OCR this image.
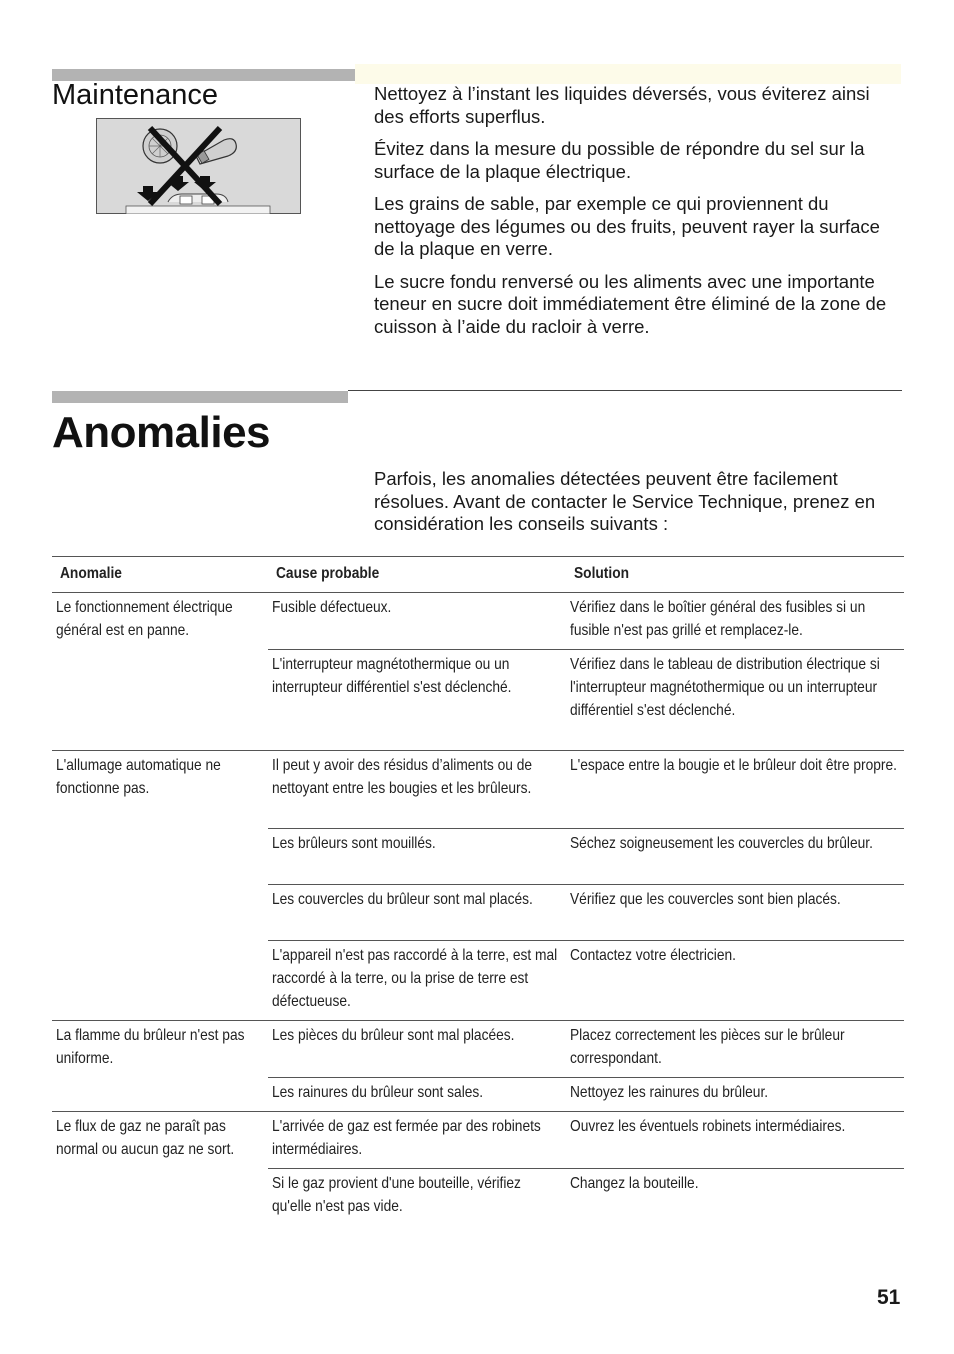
Maintenance	Nettoyez à l’instant les liquides déversés, vous éviterez ainsi des efforts superflus.

Évitez dans la mesure du possible de répondre du sel sur la surface de la plaque électrique.

Les grains de sable, par exemple ce qui proviennent du nettoyage des légumes ou des fruits, peuvent rayer la surface de la plaque en verre.

Le sucre fondu renversé ou les aliments avec une importante teneur en sucre doit immédiatement être éliminé de la zone de cuisson à l’aide du racloir à verre.

Anomalies

Parfois, les anomalies détectées peuvent être facilement résolues. Avant de contacter le Service Technique, prenez en considération les conseils suivants :

Anomalie	Cause probable	Solution
Le fonctionnement électrique général est en panne.	Fusible défectueux.	Vérifiez dans le boîtier général des fusibles si un fusible n'est pas grillé et remplacez-le.
	L'interrupteur magnétothermique ou un interrupteur différentiel s'est déclenché.	Vérifiez dans le tableau de distribution électrique si l'interrupteur magnétothermique ou un interrupteur différentiel s'est déclenché.
L'allumage automatique ne fonctionne pas.	Il peut y avoir des résidus d’aliments ou de nettoyant entre les bougies et les brûleurs.	L'espace entre la bougie et le brûleur doit être propre.
	Les brûleurs sont mouillés.	Séchez soigneusement les couvercles du brûleur.
	Les couvercles du brûleur sont mal placés.	Vérifiez que les couvercles sont bien placés.
	L'appareil n'est pas raccordé à la terre, est mal raccordé à la terre, ou la prise de terre est défectueuse.	Contactez votre électricien.
La flamme du brûleur n'est pas uniforme.	Les pièces du brûleur sont mal placées.	Placez correctement les pièces sur le brûleur correspondant.
	Les rainures du brûleur sont sales.	Nettoyez les rainures du brûleur.
Le flux de gaz ne paraît pas normal ou aucun gaz ne sort.	L'arrivée de gaz est fermée par des robinets intermédiaires.	Ouvrez les éventuels robinets intermédiaires.
	Si le gaz provient d'une bouteille, vérifiez qu'elle n'est pas vide.	Changez la bouteille.
51
